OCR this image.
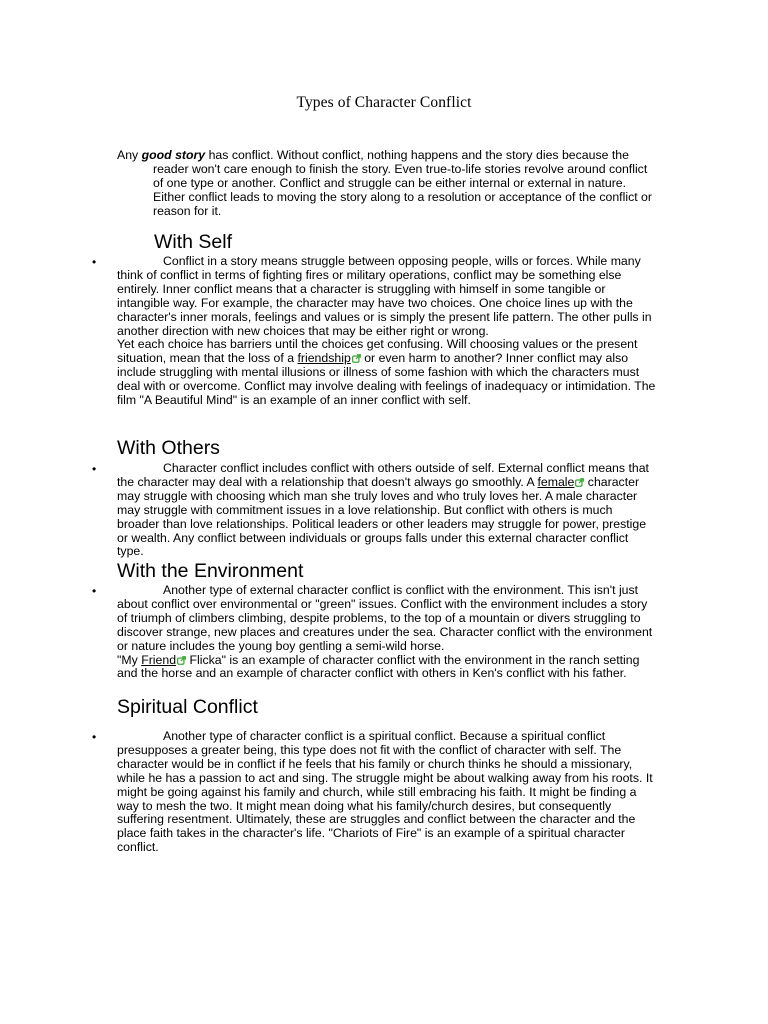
Types of Character Conflict

Any good story has conflict. Without conflict, nothing happens and the story dies because the reader won't care enough to finish the story. Even true-to-life stories revolve around conflict of one type or another. Conflict and struggle can be either internal or external in nature. Either conflict leads to moving the story along to a resolution or acceptance of the conflict or reason for it.

With Self
•	Conflict in a story means struggle between opposing people, wills or forces. While many think of conflict in terms of fighting fires or military operations, conflict may be something else entirely. Inner conflict means that a character is struggling with himself in some tangible or intangible way. For example, the character may have two choices. One choice lines up with the character's inner morals, feelings and values or is simply the present life pattern. The other pulls in another direction with new choices that may be either right or wrong.

Yet each choice has barriers until the choices get confusing. Will choosing values or the present situation, mean that the loss of a friendship or even harm to another? Inner conflict may also include struggling with mental illusions or illness of some fashion with which the characters must deal with or overcome. Conflict may involve dealing with feelings of inadequacy or intimidation. The film "A Beautiful Mind" is an example of an inner conflict with self.

With Others
•	Character conflict includes conflict with others outside of self. External conflict means that the character may deal with a relationship that doesn't always go smoothly. A female character may struggle with choosing which man she truly loves and who truly loves her. A male character may struggle with commitment issues in a love relationship. But conflict with others is much broader than love relationships. Political leaders or other leaders may struggle for power, prestige or wealth. Any conflict between individuals or groups falls under this external character conflict type.

With the Environment
•	Another type of external character conflict is conflict with the environment. This isn't just about conflict over environmental or "green" issues. Conflict with the environment includes a story of triumph of climbers climbing, despite problems, to the top of a mountain or divers struggling to discover strange, new places and creatures under the sea. Character conflict with the environment or nature includes the young boy gentling a semi-wild horse.

"My Friend Flicka" is an example of character conflict with the environment in the ranch setting and the horse and an example of character conflict with others in Ken's conflict with his father.

Spiritual Conflict
•	Another type of character conflict is a spiritual conflict. Because a spiritual conflict presupposes a greater being, this type does not fit with the conflict of character with self. The character would be in conflict if he feels that his family or church thinks he should a missionary, while he has a passion to act and sing. The struggle might be about walking away from his roots. It might be going against his family and church, while still embracing his faith. It might be finding a way to mesh the two. It might mean doing what his family/church desires, but consequently suffering resentment. Ultimately, these are struggles and conflict between the character and the place faith takes in the character's life. "Chariots of Fire" is an example of a spiritual character conflict.
